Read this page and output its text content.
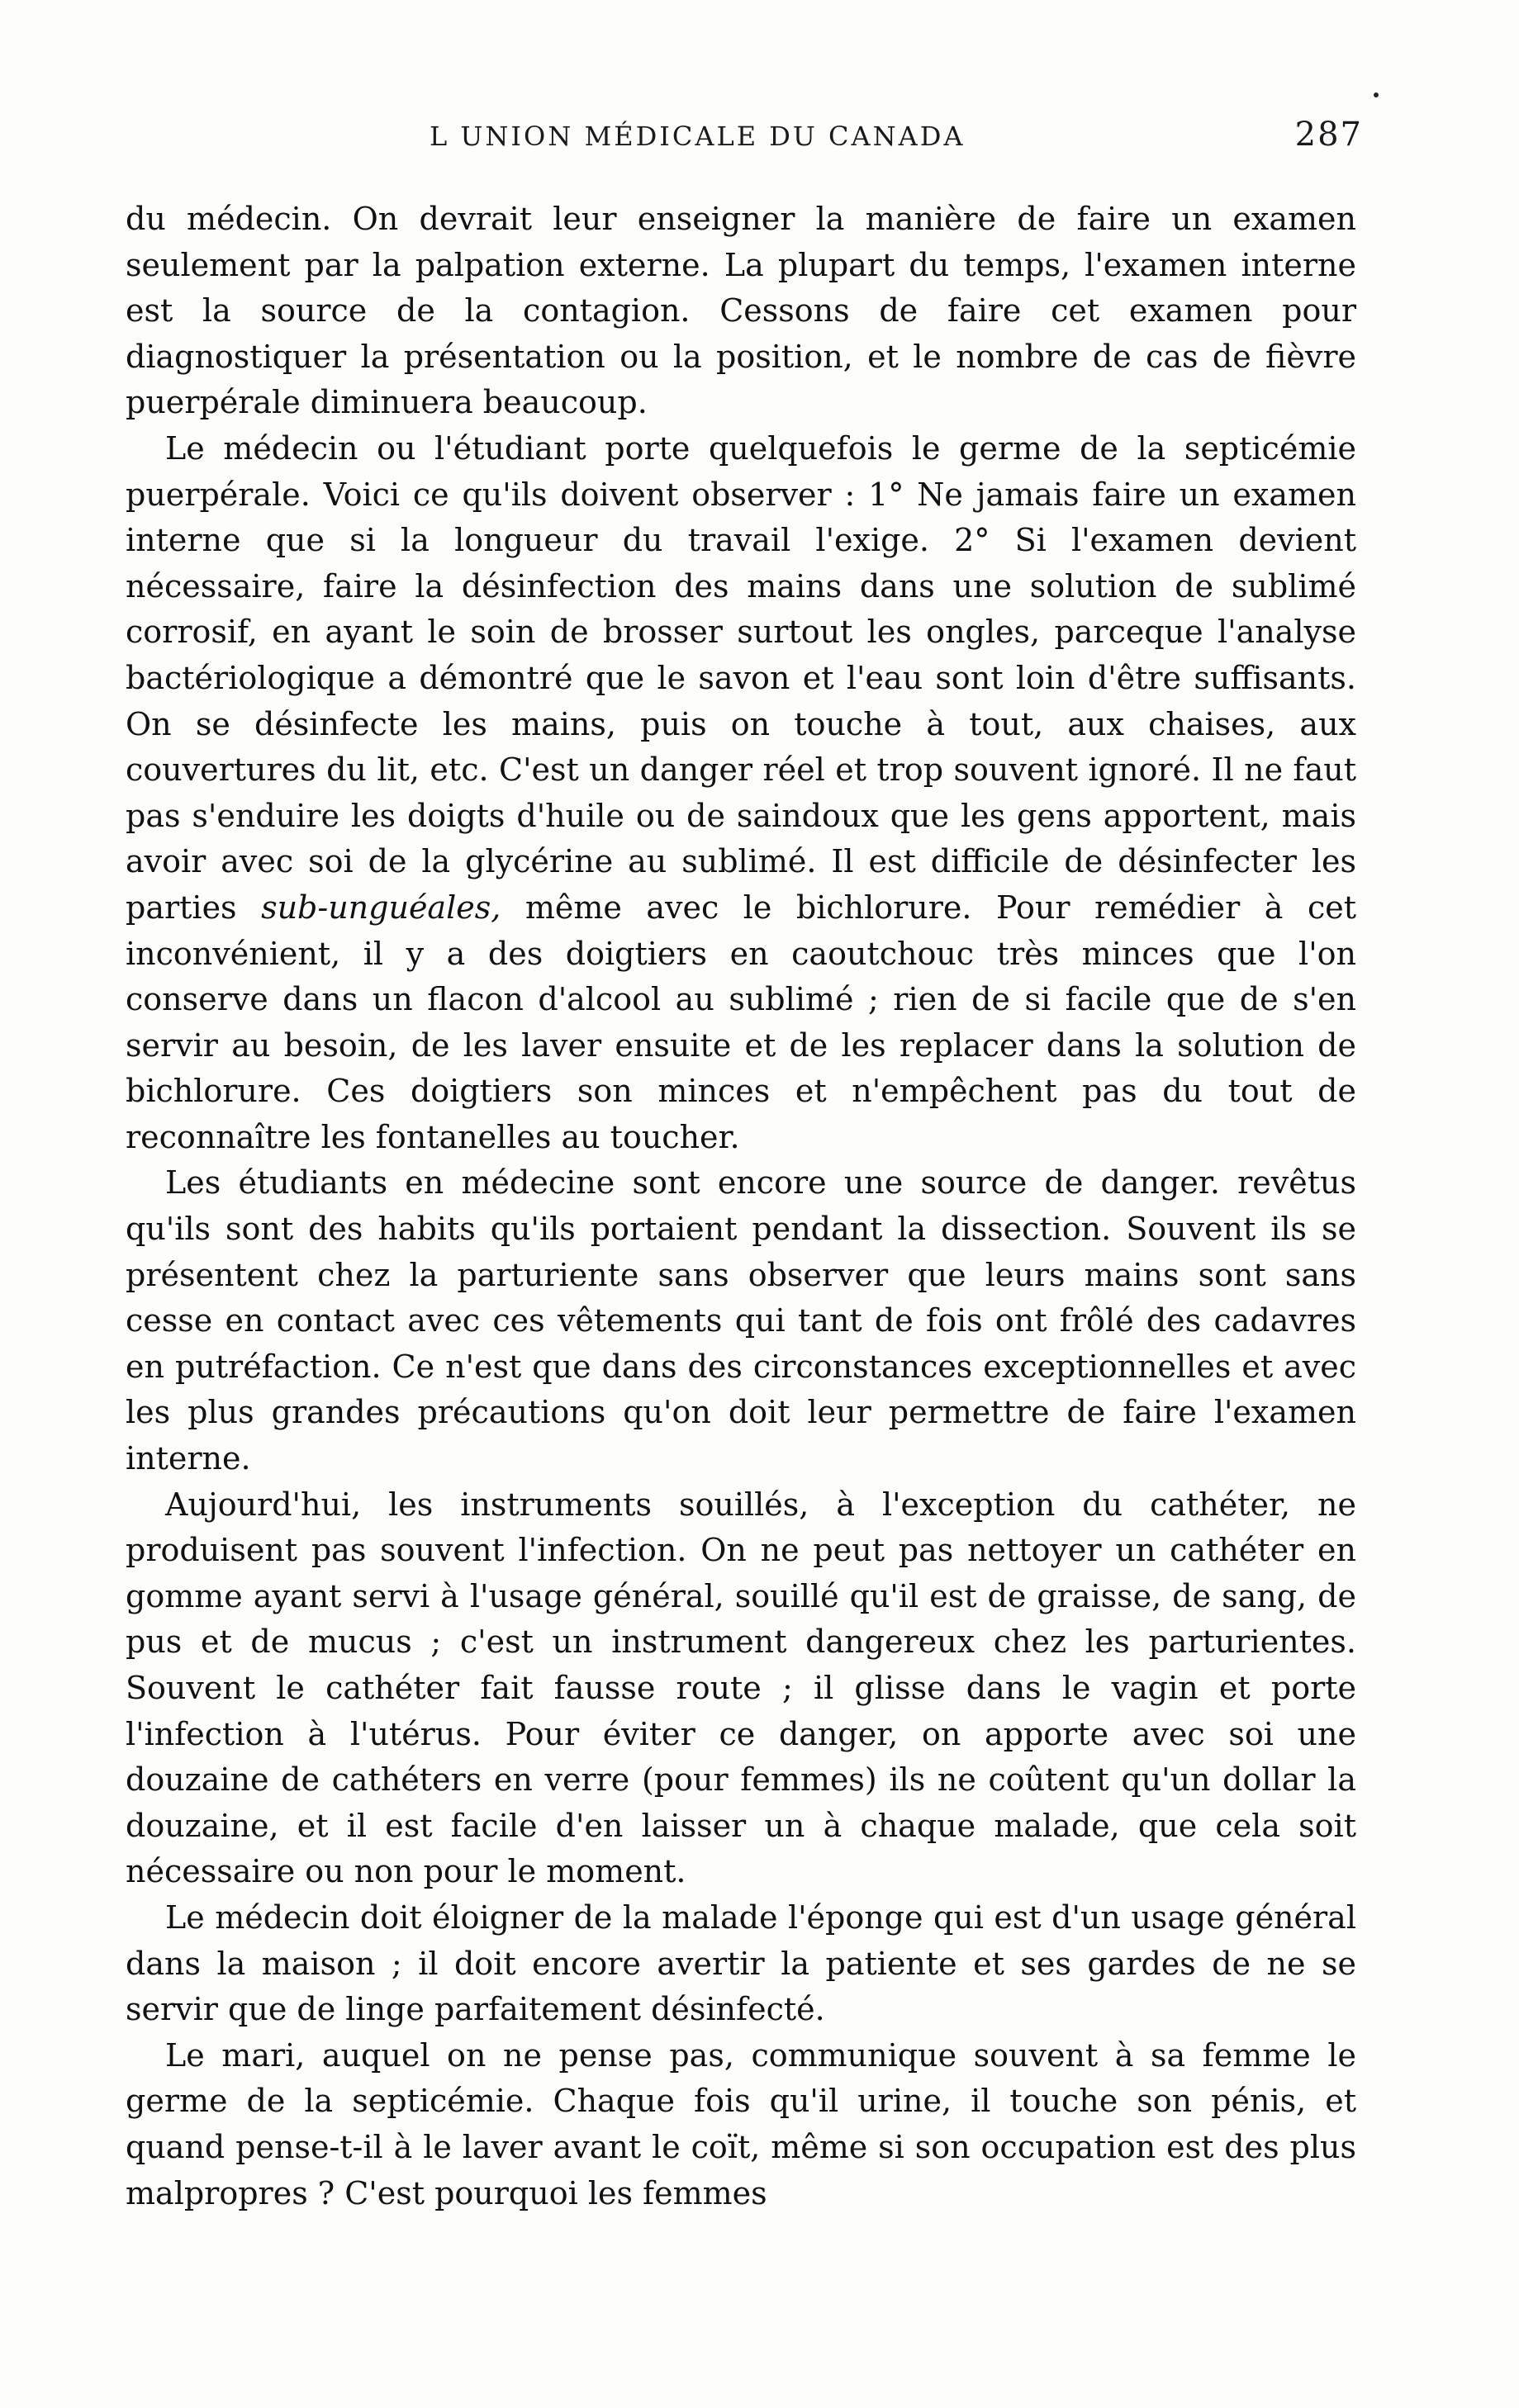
L UNION MÉDICALE DU CANADA	287

du médecin. On devrait leur enseigner la manière de faire un examen seulement par la palpation externe. La plupart du temps, l'examen interne est la source de la contagion. Cessons de faire cet examen pour diagnostiquer la présentation ou la position, et le nombre de cas de fièvre puerpérale diminuera beaucoup.

Le médecin ou l'étudiant porte quelquefois le germe de la septicémie puerpérale. Voici ce qu'ils doivent observer : 1° Ne jamais faire un examen interne que si la longueur du travail l'exige. 2° Si l'examen devient nécessaire, faire la désinfection des mains dans une solution de sublimé corrosif, en ayant le soin de brosser surtout les ongles, parceque l'analyse bactériologique a démontré que le savon et l'eau sont loin d'être suffisants. On se désinfecte les mains, puis on touche à tout, aux chaises, aux couvertures du lit, etc. C'est un danger réel et trop souvent ignoré. Il ne faut pas s'enduire les doigts d'huile ou de saindoux que les gens apportent, mais avoir avec soi de la glycérine au sublimé. Il est difficile de désinfecter les parties sub-unguéales, même avec le bichlorure. Pour remédier à cet inconvénient, il y a des doigtiers en caoutchouc très minces que l'on conserve dans un flacon d'alcool au sublimé ; rien de si facile que de s'en servir au besoin, de les laver ensuite et de les replacer dans la solution de bichlorure. Ces doigtiers son minces et n'empêchent pas du tout de reconnaître les fontanelles au toucher.

Les étudiants en médecine sont encore une source de danger. revêtus qu'ils sont des habits qu'ils portaient pendant la dissection. Souvent ils se présentent chez la parturiente sans observer que leurs mains sont sans cesse en contact avec ces vêtements qui tant de fois ont frôlé des cadavres en putréfaction. Ce n'est que dans des circonstances exceptionnelles et avec les plus grandes précautions qu'on doit leur permettre de faire l'examen interne.

Aujourd'hui, les instruments souillés, à l'exception du cathéter, ne produisent pas souvent l'infection. On ne peut pas nettoyer un cathéter en gomme ayant servi à l'usage général, souillé qu'il est de graisse, de sang, de pus et de mucus ; c'est un instrument dangereux chez les parturientes. Souvent le cathéter fait fausse route ; il glisse dans le vagin et porte l'infection à l'utérus. Pour éviter ce danger, on apporte avec soi une douzaine de cathéters en verre (pour femmes) ils ne coûtent qu'un dollar la douzaine, et il est facile d'en laisser un à chaque malade, que cela soit nécessaire ou non pour le moment.

Le médecin doit éloigner de la malade l'éponge qui est d'un usage général dans la maison ; il doit encore avertir la patiente et ses gardes de ne se servir que de linge parfaitement désinfecté.

Le mari, auquel on ne pense pas, communique souvent à sa femme le germe de la septicémie. Chaque fois qu'il urine, il touche son pénis, et quand pense-t-il à le laver avant le coït, même si son occupation est des plus malpropres ? C'est pourquoi les femmes
